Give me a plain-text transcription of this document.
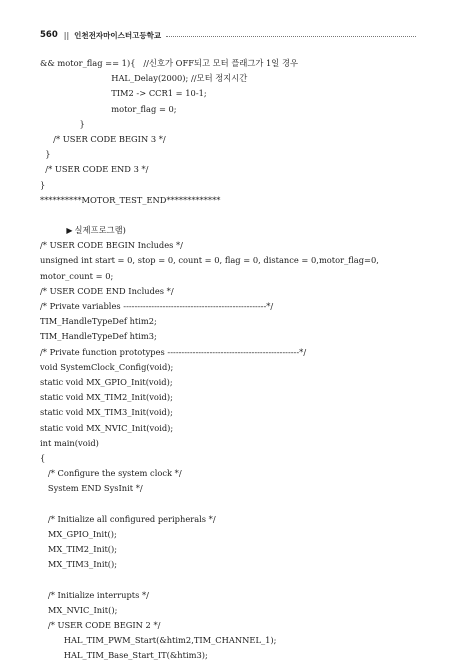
560 || 인천전자마이스터고등학교
&& motor_flag == 1){   //신호가 OFF되고 모터 플래그가 1일 경우
HAL_Delay(2000); //모터 정지시간
TIM2 -> CCR1 = 10-1;
motor_flag = 0;
}
/* USER CODE BEGIN 3 */
}
/* USER CODE END 3 */
}
**********MOTOR_TEST_END*************
▶ 실제프로그램)
/* USER CODE BEGIN Includes */
unsigned int start = 0, stop = 0, count = 0, flag = 0, distance = 0,motor_flag=0, motor_count = 0;
/* USER CODE END Includes */
/* Private variables ---------------------------------------------------*/
TIM_HandleTypeDef htim2;
TIM_HandleTypeDef htim3;
/* Private function prototypes -----------------------------------------------*/
void SystemClock_Config(void);
static void MX_GPIO_Init(void);
static void MX_TIM2_Init(void);
static void MX_TIM3_Init(void);
static void MX_NVIC_Init(void);
int main(void)
{
/* Configure the system clock */
System END SysInit */
/* Initialize all configured peripherals */
MX_GPIO_Init();
MX_TIM2_Init();
MX_TIM3_Init();
/* Initialize interrupts */
MX_NVIC_Init();
/* USER CODE BEGIN 2 */
HAL_TIM_PWM_Start(&htim2,TIM_CHANNEL_1);
HAL_TIM_Base_Start_IT(&htim3);
